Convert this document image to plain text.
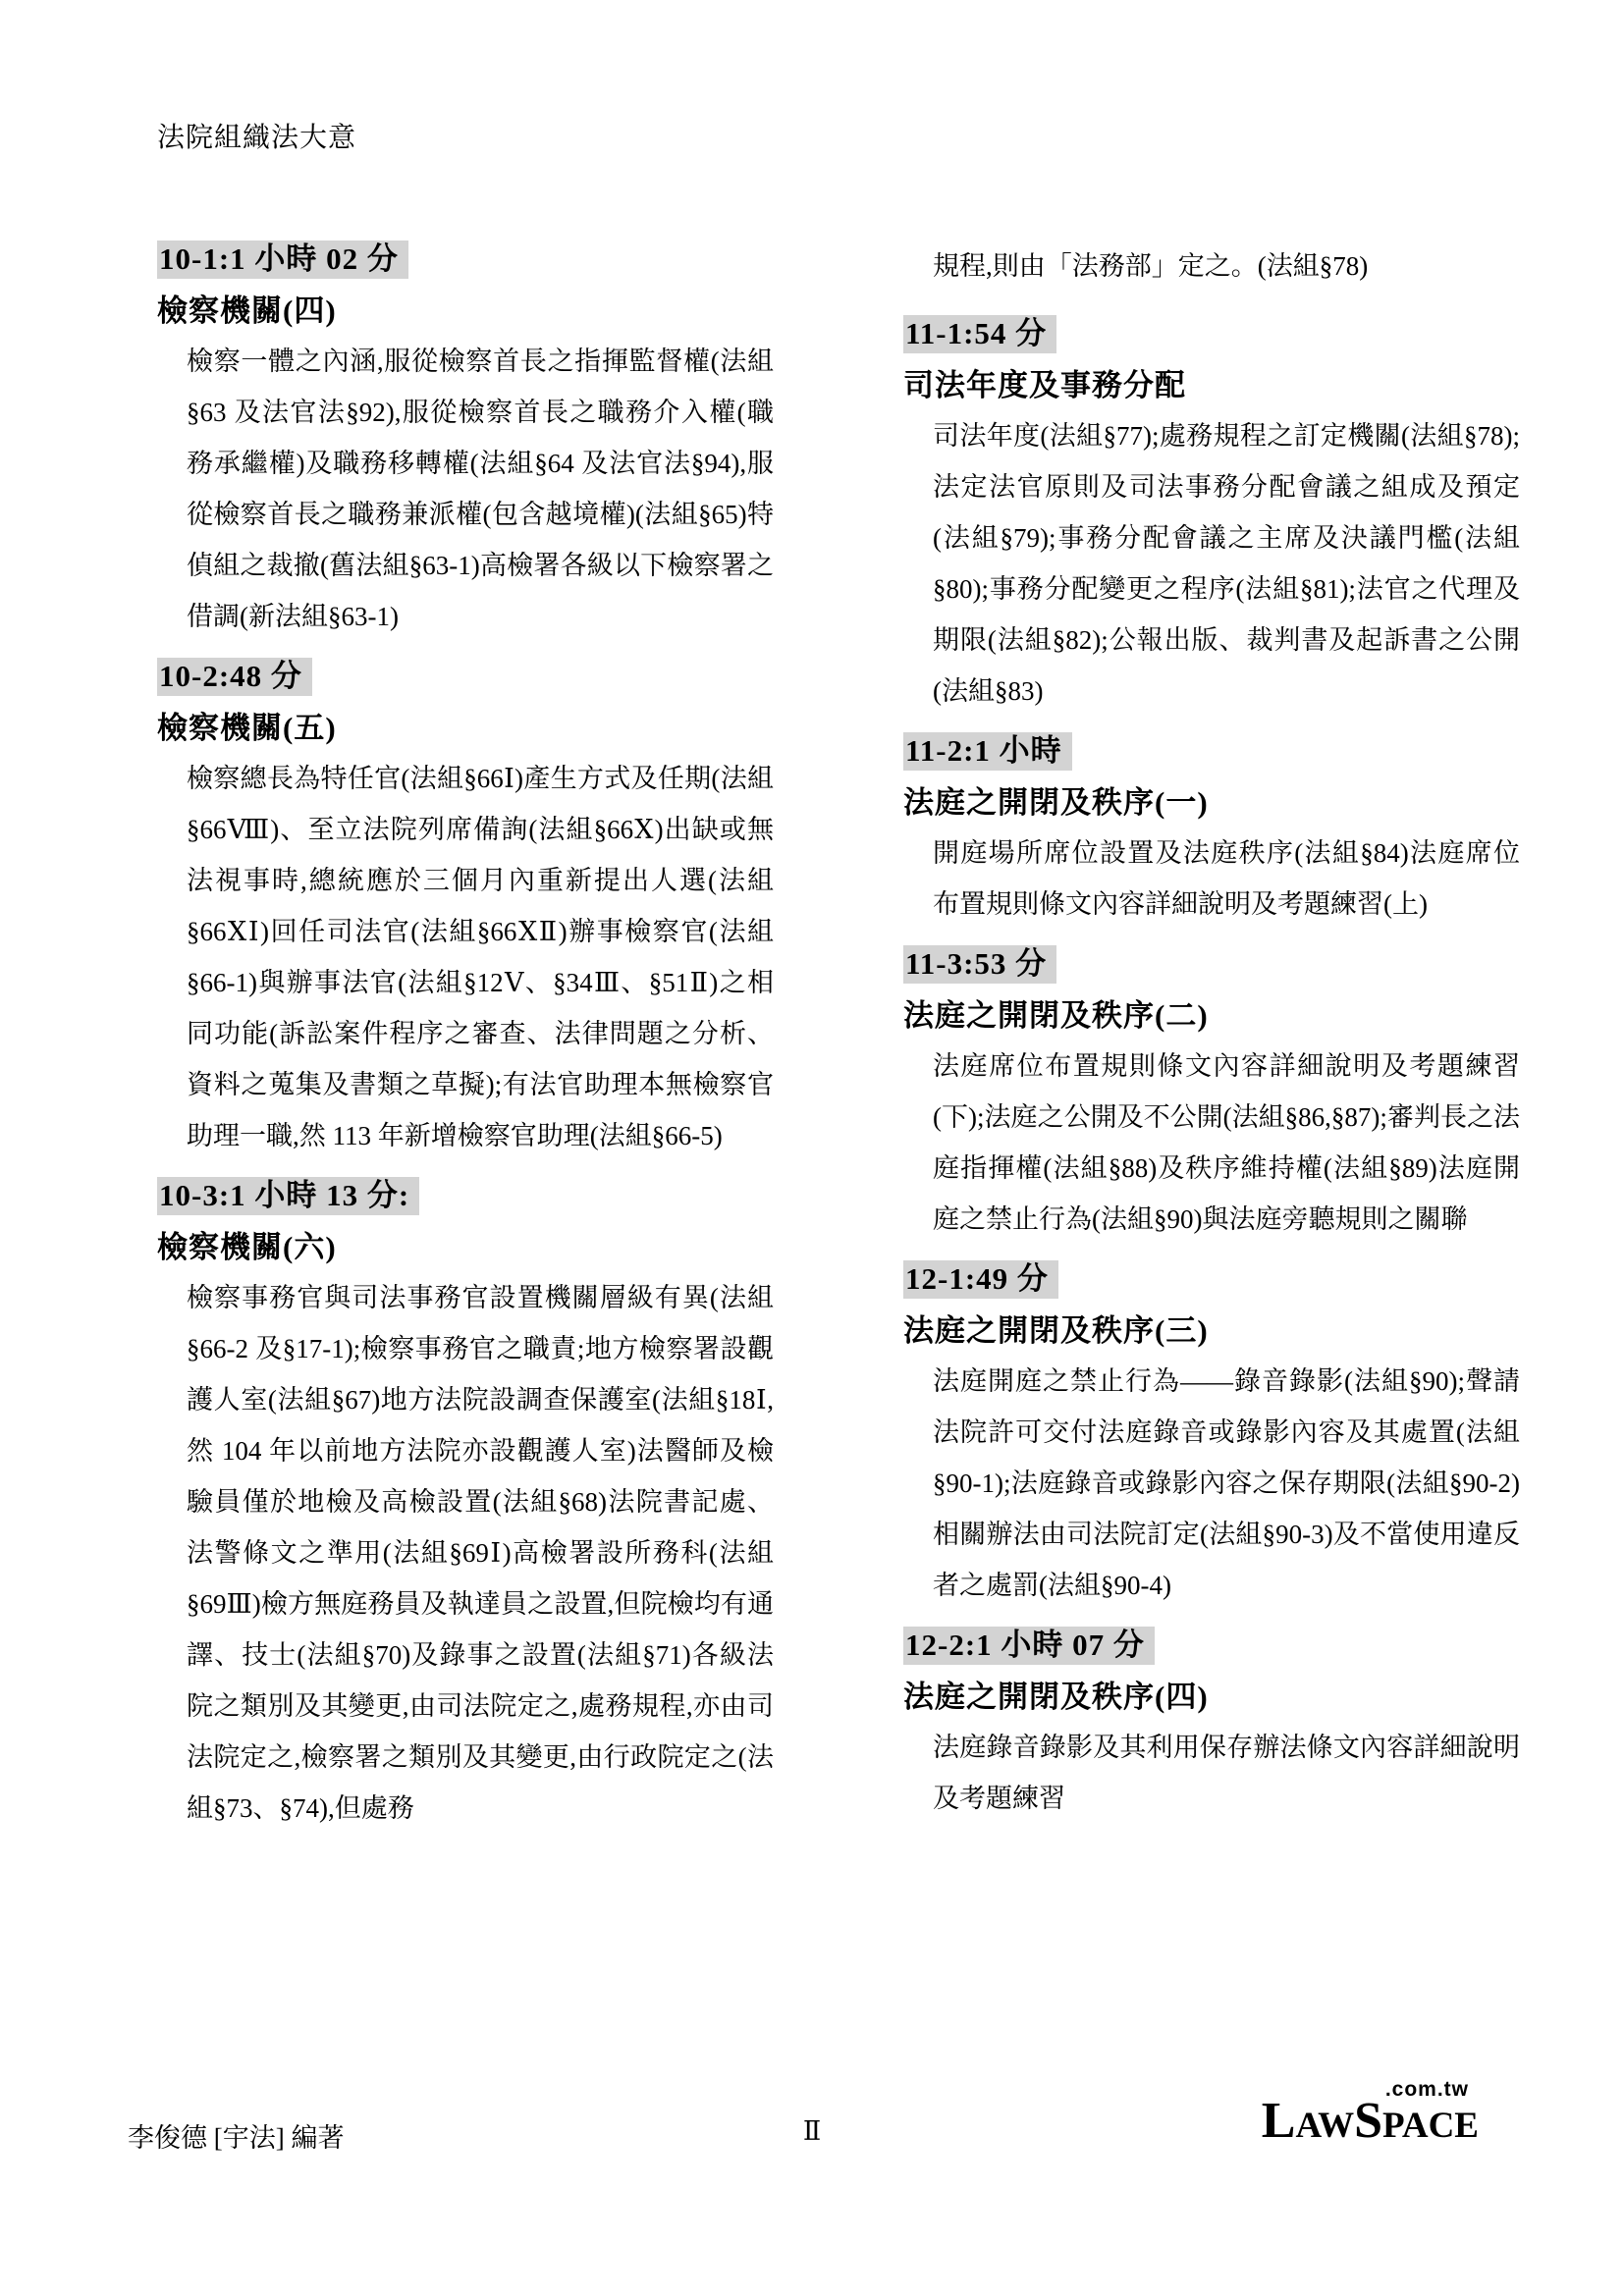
法院組織法大意
10-1:1 小時 02 分
檢察機關(四)

檢察一體之內涵,服從檢察首長之指揮監督權(法組§63 及法官法§92),服從檢察首長之職務介入權(職務承繼權)及職務移轉權(法組§64 及法官法§94),服從檢察首長之職務兼派權(包含越境權)(法組§65)特偵組之裁撤(舊法組§63-1)高檢署各級以下檢察署之借調(新法組§63-1)

10-2:48 分
檢察機關(五)

檢察總長為特任官(法組§66Ⅰ)產生方式及任期(法組§66Ⅷ)、至立法院列席備詢(法組§66Ⅹ)出缺或無法視事時,總統應於三個月內重新提出人選(法組§66ⅩⅠ)回任司法官(法組§66ⅩⅡ)辦事檢察官(法組§66-1)與辦事法官(法組§12Ⅴ、§34Ⅲ、§51Ⅱ)之相同功能(訴訟案件程序之審查、法律問題之分析、資料之蒐集及書類之草擬);有法官助理本無檢察官助理一職,然 113 年新增檢察官助理(法組§66-5)

10-3:1 小時 13 分:
檢察機關(六)

檢察事務官與司法事務官設置機關層級有異(法組§66-2 及§17-1);檢察事務官之職責;地方檢察署設觀護人室(法組§67)地方法院設調查保護室(法組§18Ⅰ,然 104 年以前地方法院亦設觀護人室)法醫師及檢驗員僅於地檢及高檢設置(法組§68)法院書記處、法警條文之準用(法組§69Ⅰ)高檢署設所務科(法組§69Ⅲ)檢方無庭務員及執達員之設置,但院檢均有通譯、技士(法組§70)及錄事之設置(法組§71)各級法院之類別及其變更,由司法院定之,處務規程,亦由司法院定之,檢察署之類別及其變更,由行政院定之(法組§73、§74),但處務

規程,則由「法務部」定之。(法組§78)

11-1:54 分
司法年度及事務分配

司法年度(法組§77);處務規程之訂定機關(法組§78);法定法官原則及司法事務分配會議之組成及預定(法組§79);事務分配會議之主席及決議門檻(法組§80);事務分配變更之程序(法組§81);法官之代理及期限(法組§82);公報出版、裁判書及起訴書之公開(法組§83)

11-2:1 小時
法庭之開閉及秩序(一)

開庭場所席位設置及法庭秩序(法組§84)法庭席位布置規則條文內容詳細說明及考題練習(上)

11-3:53 分
法庭之開閉及秩序(二)

法庭席位布置規則條文內容詳細說明及考題練習(下);法庭之公開及不公開(法組§86,§87);審判長之法庭指揮權(法組§88)及秩序維持權(法組§89)法庭開庭之禁止行為(法組§90)與法庭旁聽規則之關聯

12-1:49 分
法庭之開閉及秩序(三)

法庭開庭之禁止行為——錄音錄影(法組§90);聲請法院許可交付法庭錄音或錄影內容及其處置(法組§90-1);法庭錄音或錄影內容之保存期限(法組§90-2)相關辦法由司法院訂定(法組§90-3)及不當使用違反者之處罰(法組§90-4)

12-2:1 小時 07 分
法庭之開閉及秩序(四)

法庭錄音錄影及其利用保存辦法條文內容詳細說明及考題練習

李俊德 [宇法] 編著	Ⅱ
.com.tw
LAWSPACE
